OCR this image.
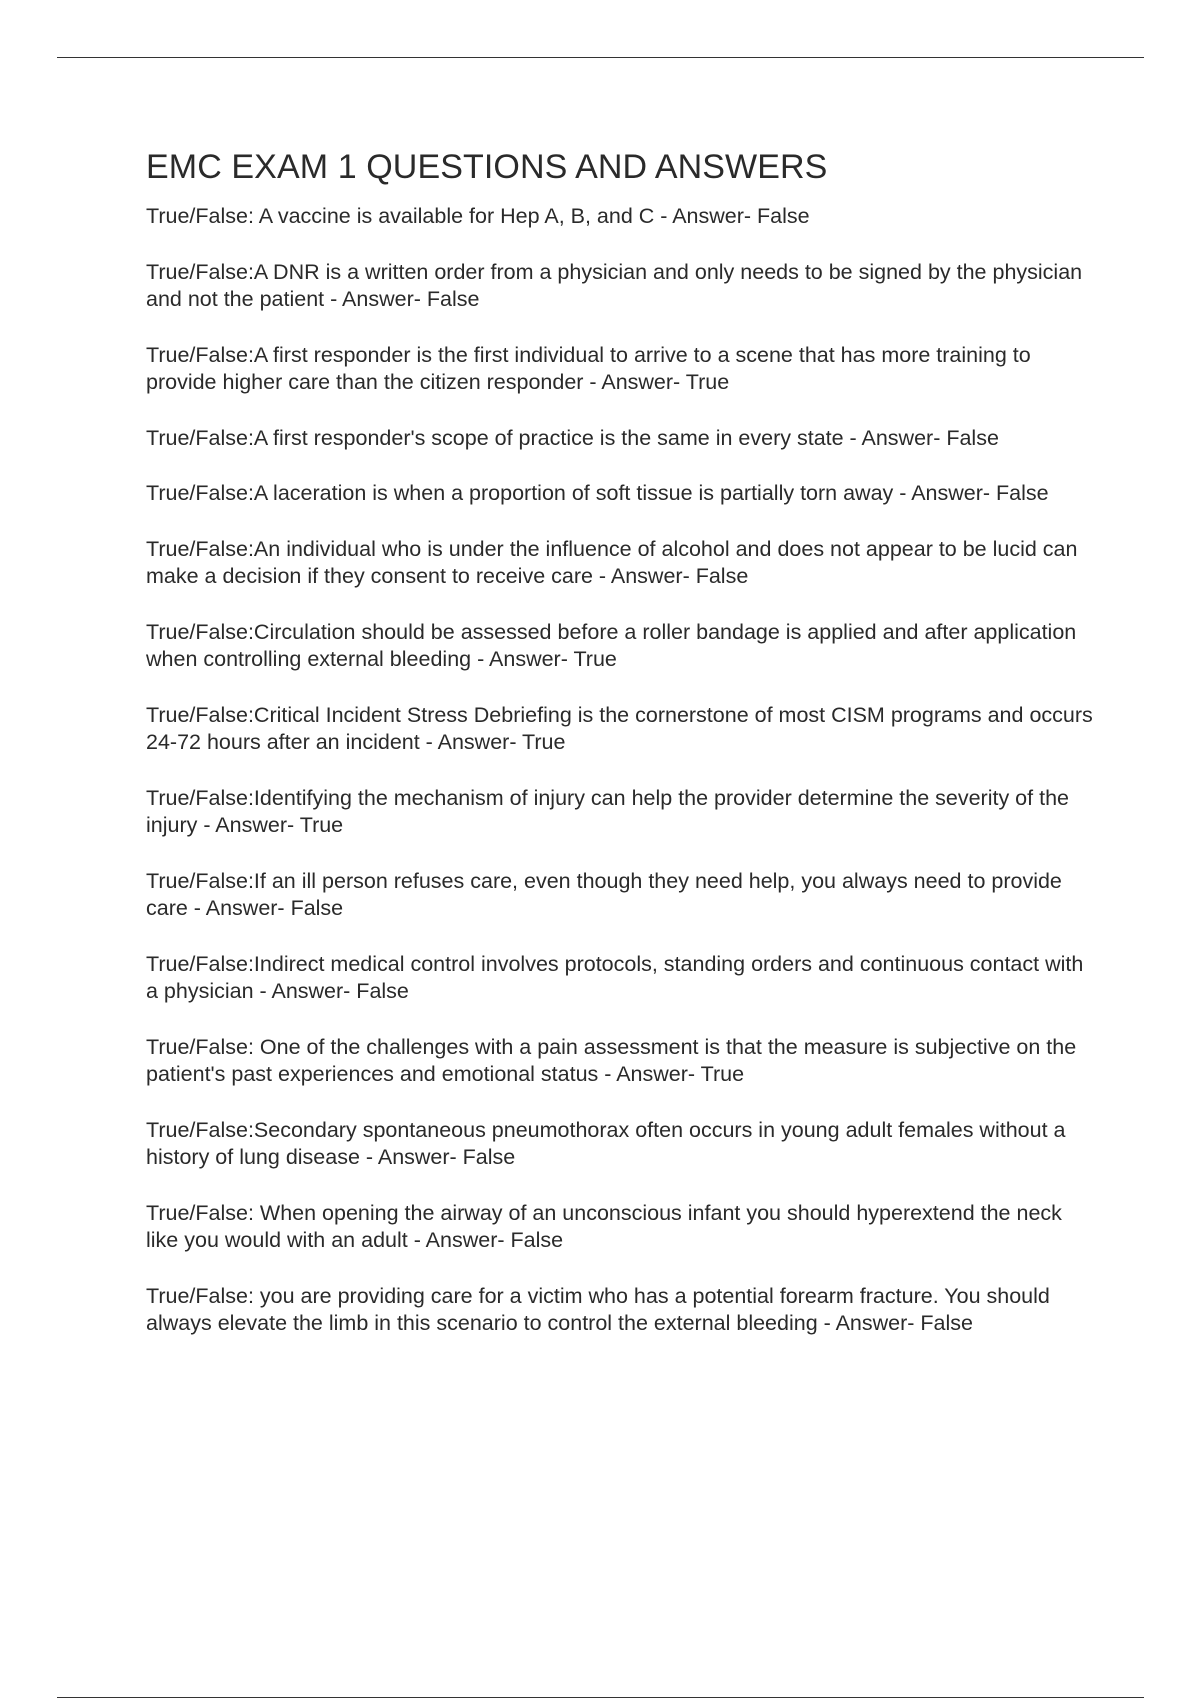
EMC EXAM 1 QUESTIONS AND ANSWERS
True/False: A vaccine is available for Hep A, B, and C - Answer- False
True/False:A DNR is a written order from a physician and only needs to be signed by the physician and not the patient - Answer- False
True/False:A first responder is the first individual to arrive to a scene that has more training to provide higher care than the citizen responder - Answer- True
True/False:A first responder's scope of practice is the same in every state - Answer- False
True/False:A laceration is when a proportion of soft tissue is partially torn away - Answer- False
True/False:An individual who is under the influence of alcohol and does not appear to be lucid can make a decision if they consent to receive care - Answer- False
True/False:Circulation should be assessed before a roller bandage is applied and after application when controlling external bleeding - Answer- True
True/False:Critical Incident Stress Debriefing is the cornerstone of most CISM programs and occurs 24-72 hours after an incident - Answer- True
True/False:Identifying the mechanism of injury can help the provider determine the severity of the injury - Answer- True
True/False:If an ill person refuses care, even though they need help, you always need to provide care - Answer- False
True/False:Indirect medical control involves protocols, standing orders and continuous contact with a physician - Answer- False
True/False: One of the challenges with a pain assessment is that the measure is subjective on the patient's past experiences and emotional status - Answer- True
True/False:Secondary spontaneous pneumothorax often occurs in young adult females without a history of lung disease - Answer- False
True/False: When opening the airway of an unconscious infant you should hyperextend the neck like you would with an adult - Answer- False
True/False: you are providing care for a victim who has a potential forearm fracture. You should always elevate the limb in this scenario to control the external bleeding - Answer- False
